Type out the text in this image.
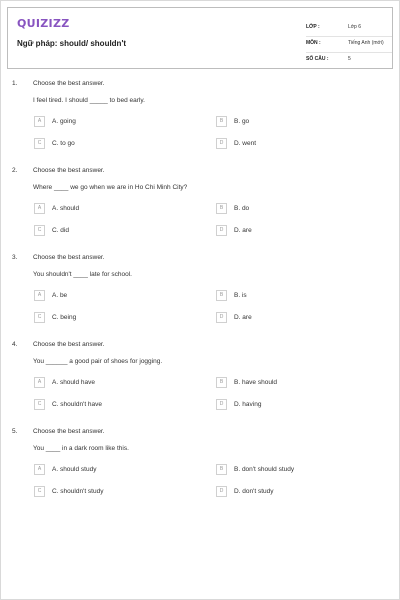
QUIZIZZ
Ngữ pháp: should/ shouldn't
LỚP :	Lớp 6
MÔN :	Tiếng Anh (mới)
SỐ CÂU :	5
1. Choose the best answer.
I feel tired. I should _____ to bed early.
A	A. going	B	B. go
C	C. to go	D	D. went
2. Choose the best answer.
Where ____ we go when we are in Ho Chi Minh City?
A	A. should	B	B. do
C	C. did	D	D. are
3. Choose the best answer.
You shouldn't ____ late for school.
A	A. be	B	B. is
C	C. being	D	D. are
4. Choose the best answer.
You ______ a good pair of shoes for jogging.
A	A. should have	B	B. have should
C	C. shouldn't have	D	D. having
5. Choose the best answer.
You ____ in a dark room like this.
A	A. should study	B	B. don't should study
C	C. shouldn't study	D	D. don't study
